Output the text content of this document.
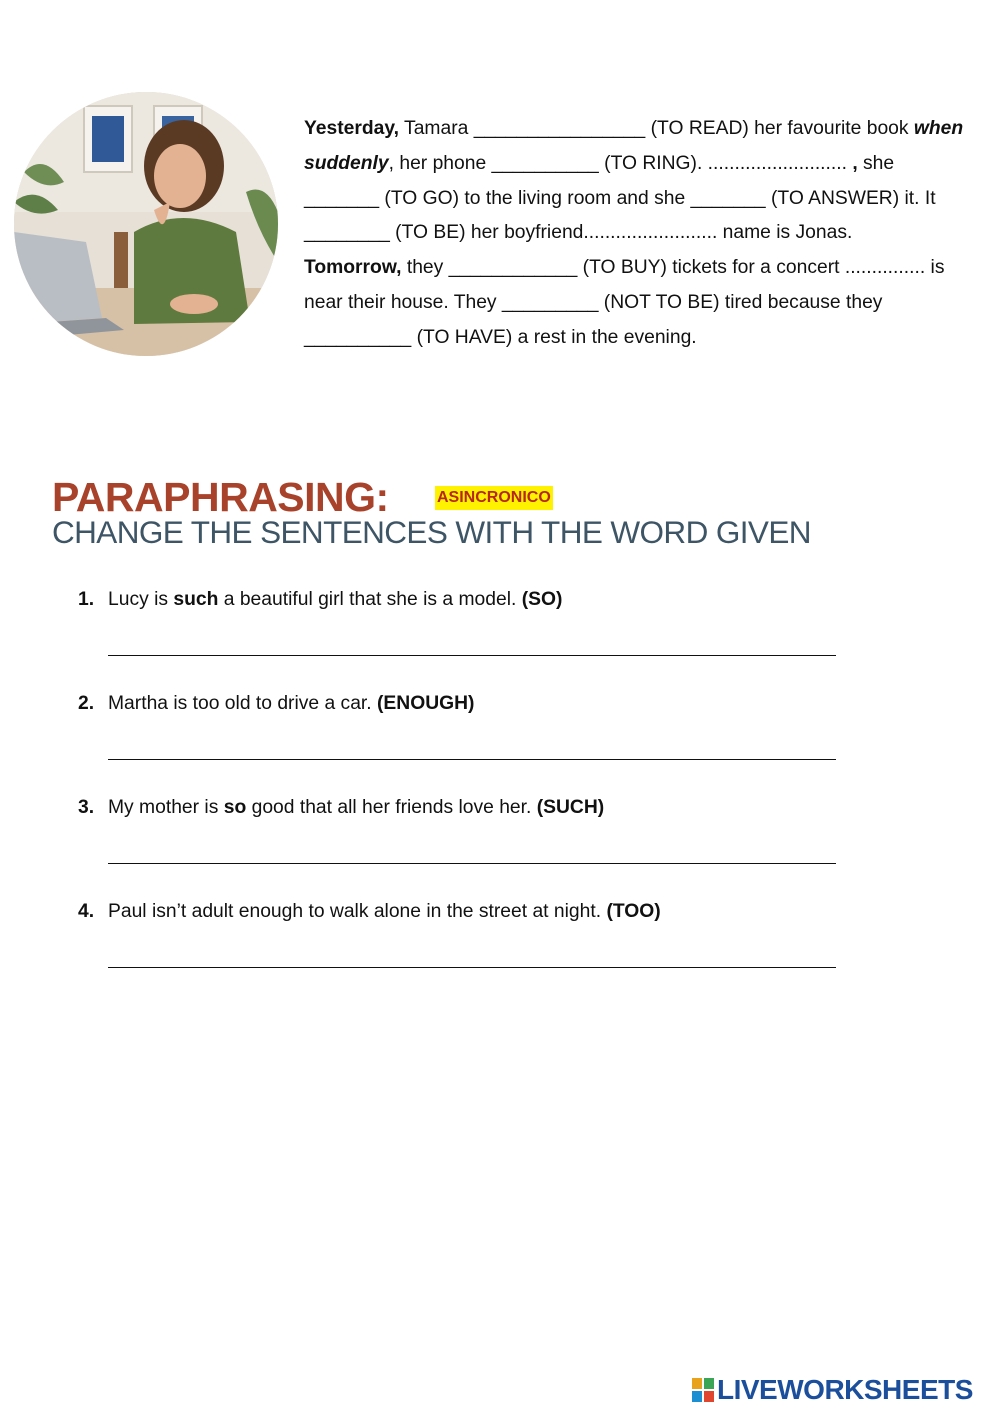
Yesterday, Tamara ________________ (TO READ) her favourite book when suddenly, her phone __________ (TO RING). .......................... , she _______ (TO GO) to the living room and she _______ (TO ANSWER) it. It ________ (TO BE) her boyfriend......................... name is Jonas.

Tomorrow, they ____________ (TO BUY) tickets for a concert ............... is near their house. They _________ (NOT TO BE) tired because they __________ (TO HAVE) a rest in the evening.

PARAPHRASING:	ASINCRONICO
CHANGE THE SENTENCES WITH THE WORD GIVEN
1. Lucy is such a beautiful girl that she is a model. (SO)
2. Martha is too old to drive a car. (ENOUGH)
3. My mother is so good that all her friends love her. (SUCH)
4. Paul isn’t adult enough to walk alone in the street at night. (TOO)
LIVEWORKSHEETS
